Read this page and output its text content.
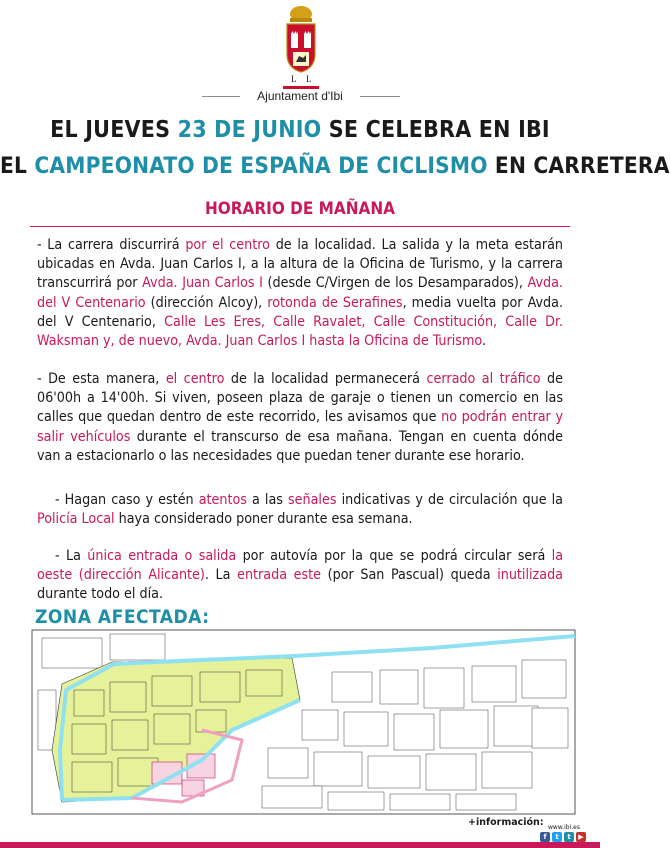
L L
Ajuntament d'Ibi
EL JUEVES 23 DE JUNIO SE CELEBRA EN IBI
EL CAMPEONATO DE ESPAÑA DE CICLISMO EN CARRETERA
HORARIO DE MAÑANA
- La carrera discurrirá por el centro de la localidad. La salida y la meta estarán ubicadas en Avda. Juan Carlos I, a la altura de la Oficina de Turismo, y la carrera transcurrirá por Avda. Juan Carlos I (desde C/Virgen de los Desamparados), Avda. del V Centenario (dirección Alcoy), rotonda de Serafines, media vuelta por Avda. del V Centenario, Calle Les Eres, Calle Ravalet, Calle Constitución, Calle Dr. Waksman y, de nuevo, Avda. Juan Carlos I hasta la Oficina de Turismo.
- De esta manera, el centro de la localidad permanecerá cerrado al tráfico de 06'00h a 14'00h. Si viven, poseen plaza de garaje o tienen un comercio en las calles que quedan dentro de este recorrido, les avisamos que no podrán entrar y salir vehículos durante el transcurso de esa mañana. Tengan en cuenta dónde van a estacionarlo o las necesidades que puedan tener durante ese horario.
- Hagan caso y estén atentos a las señales indicativas y de circulación que la Policía Local haya considerado poner durante esa semana.
- La única entrada o salida por autovía por la que se podrá circular será la oeste (dirección Alicante). La entrada este (por San Pascual) queda inutilizada durante todo el día.
ZONA AFECTADA:
+información: www.ibi.es
f	t	t	▶
